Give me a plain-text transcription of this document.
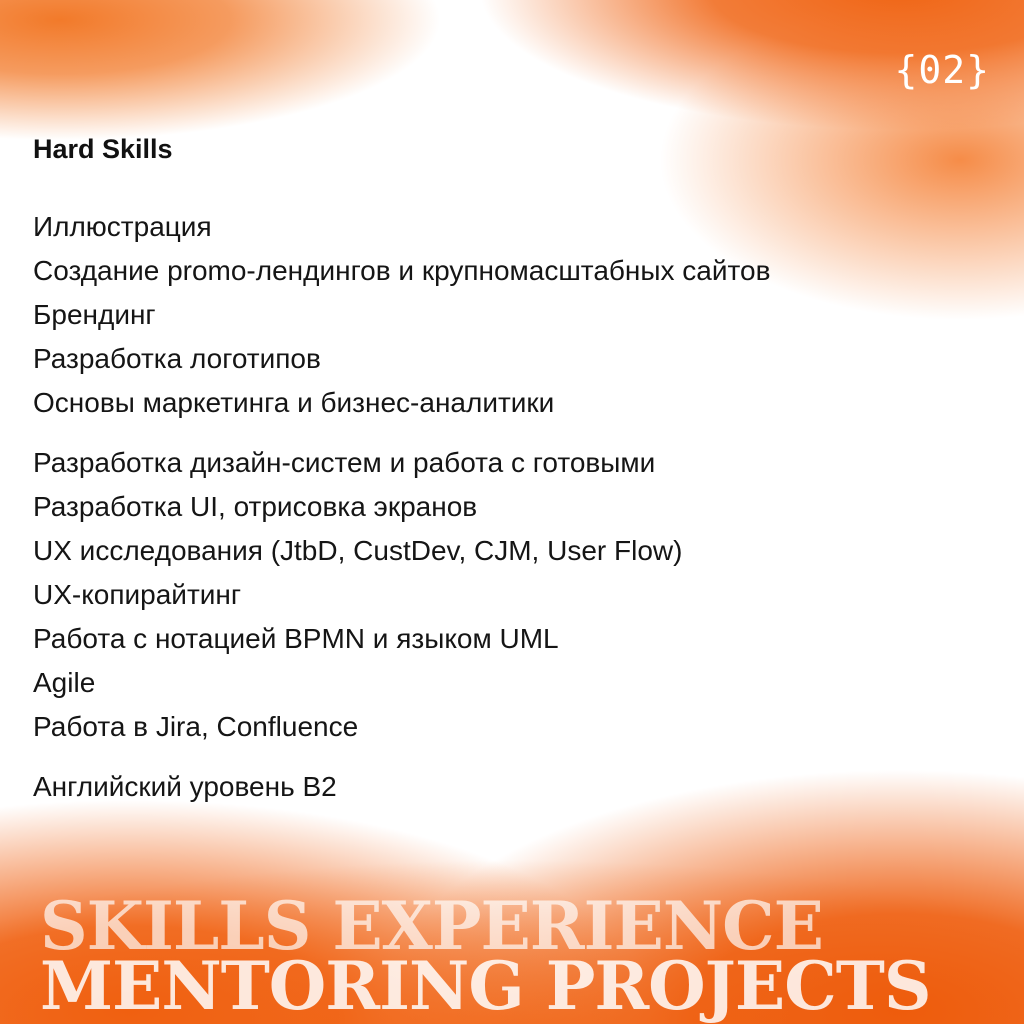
{02}
Hard Skills
Иллюстрация
Создание promo-лендингов и крупномасштабных сайтов
Брендинг
Разработка логотипов
Основы маркетинга и бизнес-аналитики
Разработка дизайн-систем и работа с готовыми
Разработка UI, отрисовка экранов
UX исследования (JtbD, CustDev, CJM, User Flow)
UX-копирайтинг
Работа с нотацией BPMN и языком UML
Agile
Работа в Jira, Confluence
Английский уровень B2
SKILLS EXPERIENCE
MENTORING PROJECTS
